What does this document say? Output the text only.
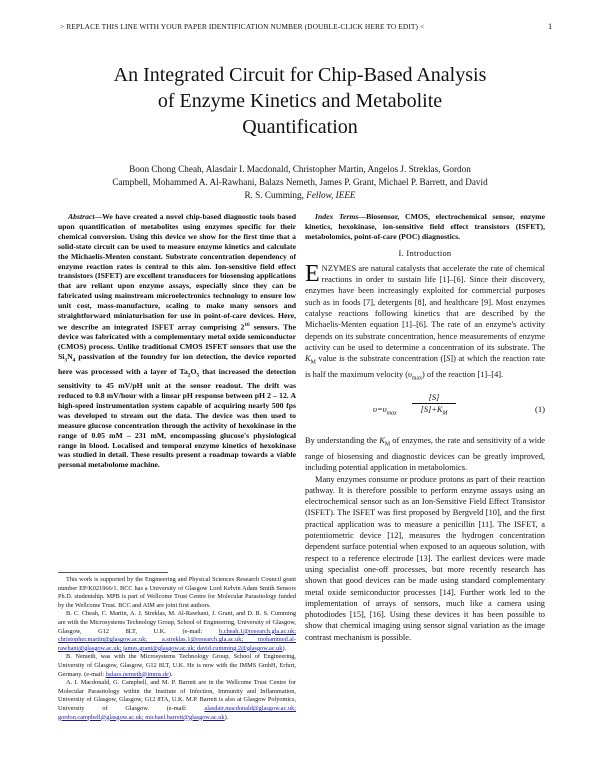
> REPLACE THIS LINE WITH YOUR PAPER IDENTIFICATION NUMBER (DOUBLE-CLICK HERE TO EDIT) <	1
An Integrated Circuit for Chip-Based Analysis
of Enzyme Kinetics and Metabolite
Quantification
Boon Chong Cheah, Alasdair I. Macdonald, Christopher Martin, Angelos J. Streklas, Gordon
Campbell, Mohammed A. Al-Rawhani, Balazs Nemeth, James P. Grant, Michael P. Barrett, and David
R. S. Cumming, Fellow, IEEE

Abstract—We have created a novel chip-based diagnostic tools based upon quantification of metabolites using enzymes specific for their chemical conversion. Using this device we show for the first time that a solid-state circuit can be used to measure enzyme kinetics and calculate the Michaelis-Menten constant. Substrate concentration dependency of enzyme reaction rates is central to this aim. Ion-sensitive field effect transistors (ISFET) are excellent transducers for biosensing applications that are reliant upon enzyme assays, especially since they can be fabricated using mainstream microelectronics technology to ensure low unit cost, mass-manufacture, scaling to make many sensors and straightforward miniaturisation for use in point-of-care devices. Here, we describe an integrated ISFET array comprising $2^{16}$ sensors. The device was fabricated with a complementary metal oxide semiconductor (CMOS) process. Unlike traditional CMOS ISFET sensors that use the $Si_3N_4$ passivation of the foundry for ion detection, the device reported here was processed with a layer of $Ta_2O_5$ that increased the detection sensitivity to 45 mV/pH unit at the sensor readout. The drift was reduced to 0.8 mV/hour with a linear pH response between pH 2 – 12. A high-speed instrumentation system capable of acquiring nearly 500 fps was developed to stream out the data. The device was then used to measure glucose concentration through the activity of hexokinase in the range of 0.05 mM – 231 mM, encompassing glucose's physiological range in blood. Localised and temporal enzyme kinetics of hexokinase was studied in detail. These results present a roadmap towards a viable personal metabolome machine.

This work is supported by the Engineering and Physical Sciences Research Council grant number EP/K021966/1. BCC has a University of Glasgow Lord Kelvin Adam Smith Sensors Ph.D. studentship. MPB is part of Wellcome Trust Centre for Molecular Parasitology funded by the Wellcome Trust. BCC and AIM are joint first authors.

B. C. Cheah, C. Martin, A. J. Streklas, M. Al-Rawhani, J. Grant, and D. R. S. Cumming are with the Microsystems Technology Group, School of Engineering, University of Glasgow, Glasgow, G12 8LT, U.K. (e-mail: b.cheah.1@research.gla.ac.uk; christopher.martin@glasgow.ac.uk; a.streklas.1@research.gla.ac.uk; mohammed.al-rawhani@glasgow.ac.uk; james.grant@glasgow.ac.uk; david.cumming.2@glasgow.ac.uk).

B. Nemeth, was with the Microsystems Technology Group, School of Engineering, University of Glasgow, Glasgow, G12 8LT, U.K. He is now with the IMMS GmbH, Erfurt, Germany. (e-mail: balazs.nemeth@imms.de).

A. I. Macdonald, G. Campbell, and M. P. Barrett are in the Wellcome Trust Centre for Molecular Parasitology within the Institute of Infection, Immunity and Inflammation, University of Glasgow, Glasgow, G12 8TA, U.K. M.P. Barrett is also at Glasgow Polyomics, University of Glasgow. (e-mail: alasdair.macdonald@glasgow.ac.uk; gordon.campbell@glasgow.ac.uk; michael.barrett@glasgow.ac.uk).

Index Terms—Biosensor, CMOS, electrochemical sensor, enzyme kinetics, hexokinase, ion-sensitive field effect transistors (ISFET), metabolomics, point-of-care (POC) diagnostics.

I. Introduction

ENZYMES are natural catalysts that accelerate the rate of chemical reactions in order to sustain life [1]–[6]. Since their discovery, enzymes have been increasingly exploited for commercial purposes such as in foods [7], detergents [8], and healthcare [9]. Most enzymes catalyse reactions following kinetics that are described by the Michaelis-Menten equation [1]–[6]. The rate of an enzyme's activity depends on its substrate concentration, hence measurements of enzyme activity can be used to determine a concentration of its substrate. The $K_M$ value is the substrate concentration ([S]) at which the reaction rate is half the maximum velocity $(\upsilon_{max})$ of the reaction [1]–[4].

$\upsilon=\upsilon_{max}$
[S]
$[S]+K_M$	(1)

By understanding the $K_M$ of enzymes, the rate and sensitivity of a wide range of biosensing and diagnostic devices can be greatly improved, including potential application in metabolomics.

Many enzymes consume or produce protons as part of their reaction pathway. It is therefore possible to perform enzyme assays using an electrochemical sensor such as an Ion-Sensitive Field Effect Transistor (ISFET). The ISFET was first proposed by Bergveld [10], and the first practical application was to measure a penicillin [11]. The ISFET, a potentiometric device [12], measures the hydrogen concentration dependent surface potential when exposed to an aqueous solution, with respect to a reference electrode [13]. The earliest devices were made using specialist one-off processes, but more recently research has shown that good devices can be made using standard complementary metal oxide semiconductor processes [14]. Further work led to the implementation of arrays of sensors, much like a camera using photodiodes [15], [16]. Using these devices it has been possible to show that chemical imaging using sensor signal variation as the image contrast mechanism is possible.
